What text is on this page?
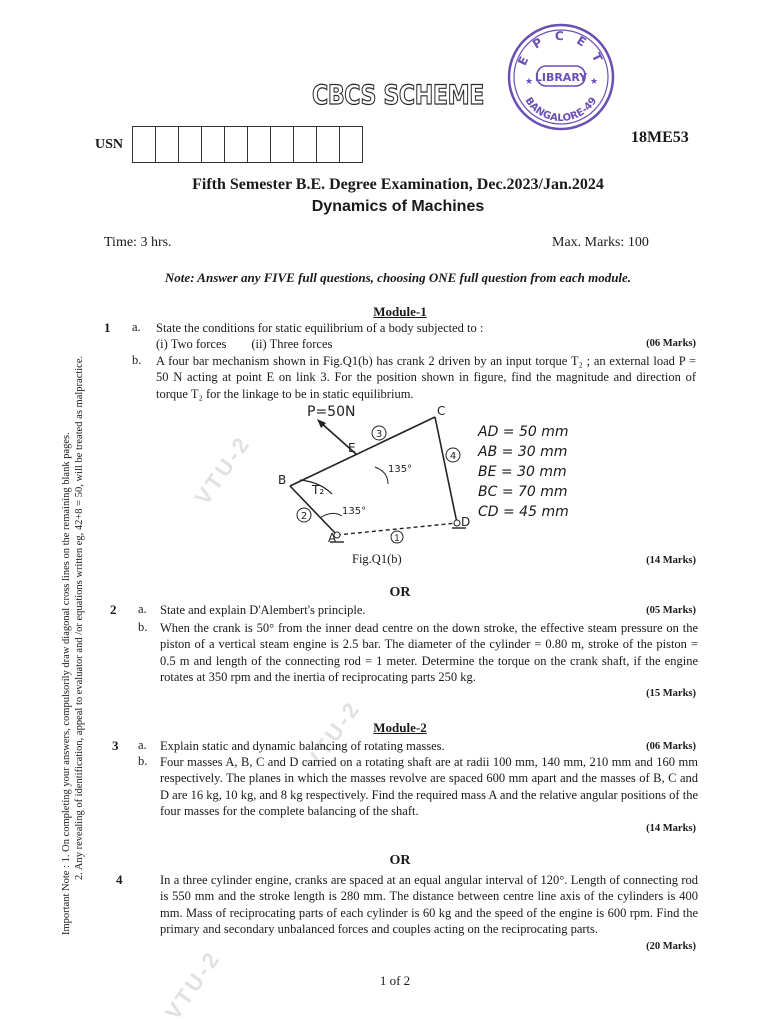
VTU-2
VTU-2
VTU-2
Important Note : 1. On completing your answers, compulsorily draw diagonal cross lines on the remaining blank pages. 2. Any revealing of identification, appeal to evaluator and /or equations written eg, 42+8 = 50, will be treated as malpractice.
CBCS SCHEME
E P C E T
LIBRARY
BANGALORE-49
★	★
USN	18ME53
Fifth Semester B.E. Degree Examination, Dec.2023/Jan.2024
Dynamics of Machines
Time: 3 hrs.	Max. Marks: 100
Note: Answer any FIVE full questions, choosing ONE full question from each module.
Module-1
1 a. State the conditions for static equilibrium of a body subjected to :
(i) Two forces        (ii) Three forces	(06 Marks)
b. A four bar mechanism shown in Fig.Q1(b) has crank 2 driven by an input torque T₂ ; an external load P = 50 N acting at point E on link 3. For the position shown in figure, find the magnitude and direction of torque T₂ for the linkage to be in static equilibrium.
P=50N
B
C
A
D
E
3
4
2
1
T₂
135°
135°
AD = 50 mm
AB = 30 mm
BE = 30 mm
BC = 70 mm
CD = 45 mm
Fig.Q1(b)	(14 Marks)
OR
2 a. State and explain D'Alembert's principle.	(05 Marks)
b. When the crank is 50° from the inner dead centre on the down stroke, the effective steam pressure on the piston of a vertical steam engine is 2.5 bar. The diameter of the cylinder = 0.80 m, stroke of the piston = 0.5 m and length of the connecting rod = 1 meter. Determine the torque on the crank shaft, if the engine rotates at 350 rpm and the inertia of reciprocating parts 250 kg.
(15 Marks)
Module-2
3 a. Explain static and dynamic balancing of rotating masses.	(06 Marks)
b. Four masses A, B, C and D carried on a rotating shaft are at radii 100 mm, 140 mm, 210 mm and 160 mm respectively. The planes in which the masses revolve are spaced 600 mm apart and the masses of B, C and D are 16 kg, 10 kg, and 8 kg respectively. Find the required mass A and the relative angular positions of the four masses for the complete balancing of the shaft.
(14 Marks)
OR
4	In a three cylinder engine, cranks are spaced at an equal angular interval of 120°. Length of connecting rod is 550 mm and the stroke length is 280 mm. The distance between centre line axis of the cylinders is 400 mm. Mass of reciprocating parts of each cylinder is 60 kg and the speed of the engine is 600 rpm. Find the primary and secondary unbalanced forces and couples acting on the reciprocating parts.
(20 Marks)
1 of 2
